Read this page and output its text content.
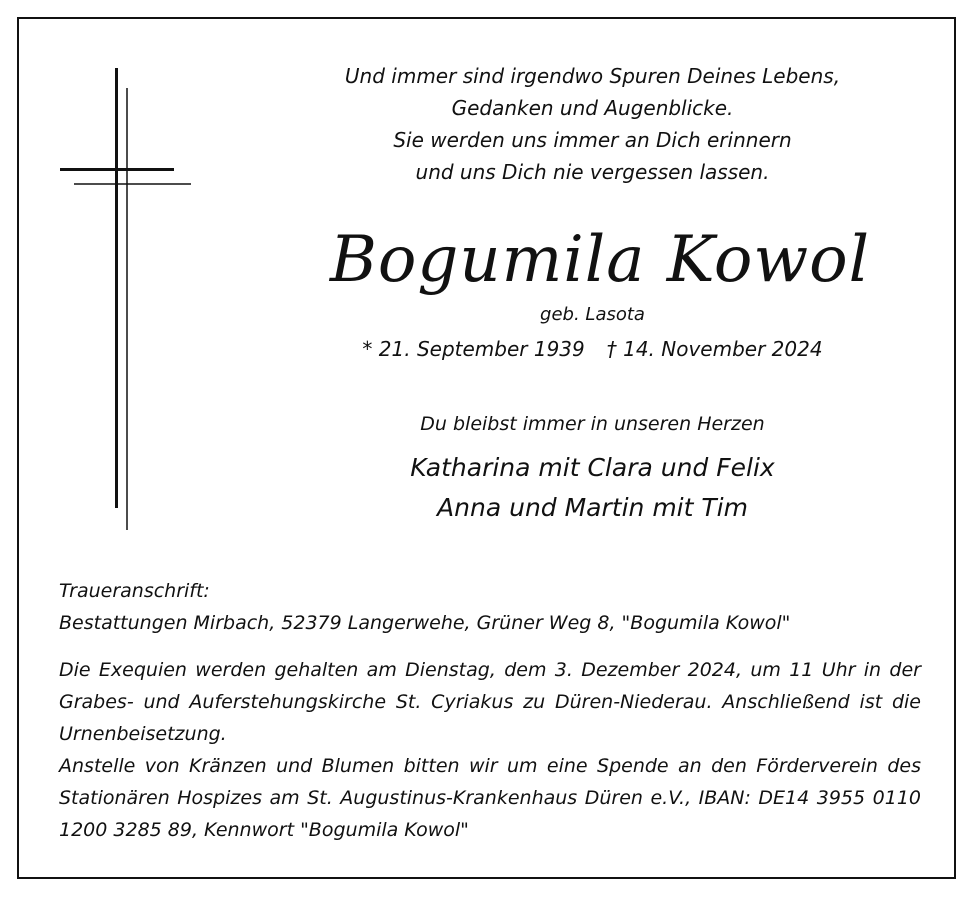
Und immer sind irgendwo Spuren Deines Lebens,
Gedanken und Augenblicke.
Sie werden uns immer an Dich erinnern
und uns Dich nie vergessen lassen.
Bogumila Kowol
geb. Lasota
* 21. September 1939 † 14. November 2024
Du bleibst immer in unseren Herzen
Katharina mit Clara und Felix
Anna und Martin mit Tim
Traueranschrift:
Bestattungen Mirbach, 52379 Langerwehe, Grüner Weg 8, "Bogumila Kowol"
Die Exequien werden gehalten am Dienstag, dem 3. Dezember 2024, um 11 Uhr in der Grabes- und Auferstehungskirche St. Cyriakus zu Düren-Niederau. Anschließend ist die Urnenbeisetzung.
Anstelle von Kränzen und Blumen bitten wir um eine Spende an den Förderverein des Stationären Hospizes am St. Augustinus-Krankenhaus Düren e.V., IBAN: DE14 3955 0110 1200 3285 89, Kennwort "Bogumila Kowol"
